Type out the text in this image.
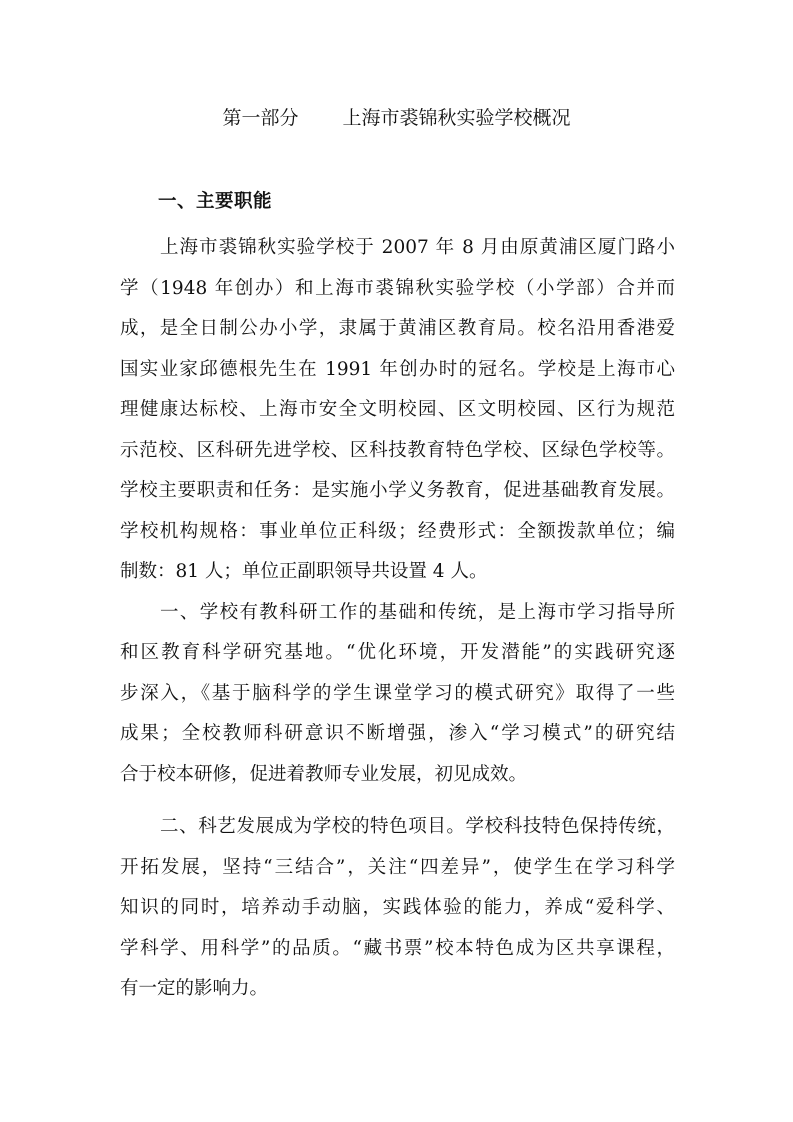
第一部分 上海市裘锦秋实验学校概况
一、主要职能
上海市裘锦秋实验学校于 2007 年 8 月由原黄浦区厦门路小
学（1948 年创办）和上海市裘锦秋实验学校（小学部）合并而
成，是全日制公办小学，隶属于黄浦区教育局。校名沿用香港爱
国实业家邱德根先生在 1991 年创办时的冠名。学校是上海市心
理健康达标校、上海市安全文明校园、区文明校园、区行为规范
示范校、区科研先进学校、区科技教育特色学校、区绿色学校等。
学校主要职责和任务：是实施小学义务教育，促进基础教育发展。
学校机构规格：事业单位正科级；经费形式：全额拨款单位；编
制数：81 人；单位正副职领导共设置 4 人。
一、学校有教科研工作的基础和传统，是上海市学习指导所
和区教育科学研究基地。“优化环境，开发潜能”的实践研究逐
步深入，《基于脑科学的学生课堂学习的模式研究》取得了一些
成果；全校教师科研意识不断增强，渗入“学习模式”的研究结
合于校本研修，促进着教师专业发展，初见成效。
二、科艺发展成为学校的特色项目。学校科技特色保持传统，
开拓发展，坚持“三结合”，关注“四差异”，使学生在学习科学
知识的同时，培养动手动脑，实践体验的能力，养成“爱科学、
学科学、用科学”的品质。“藏书票”校本特色成为区共享课程，
有一定的影响力。
